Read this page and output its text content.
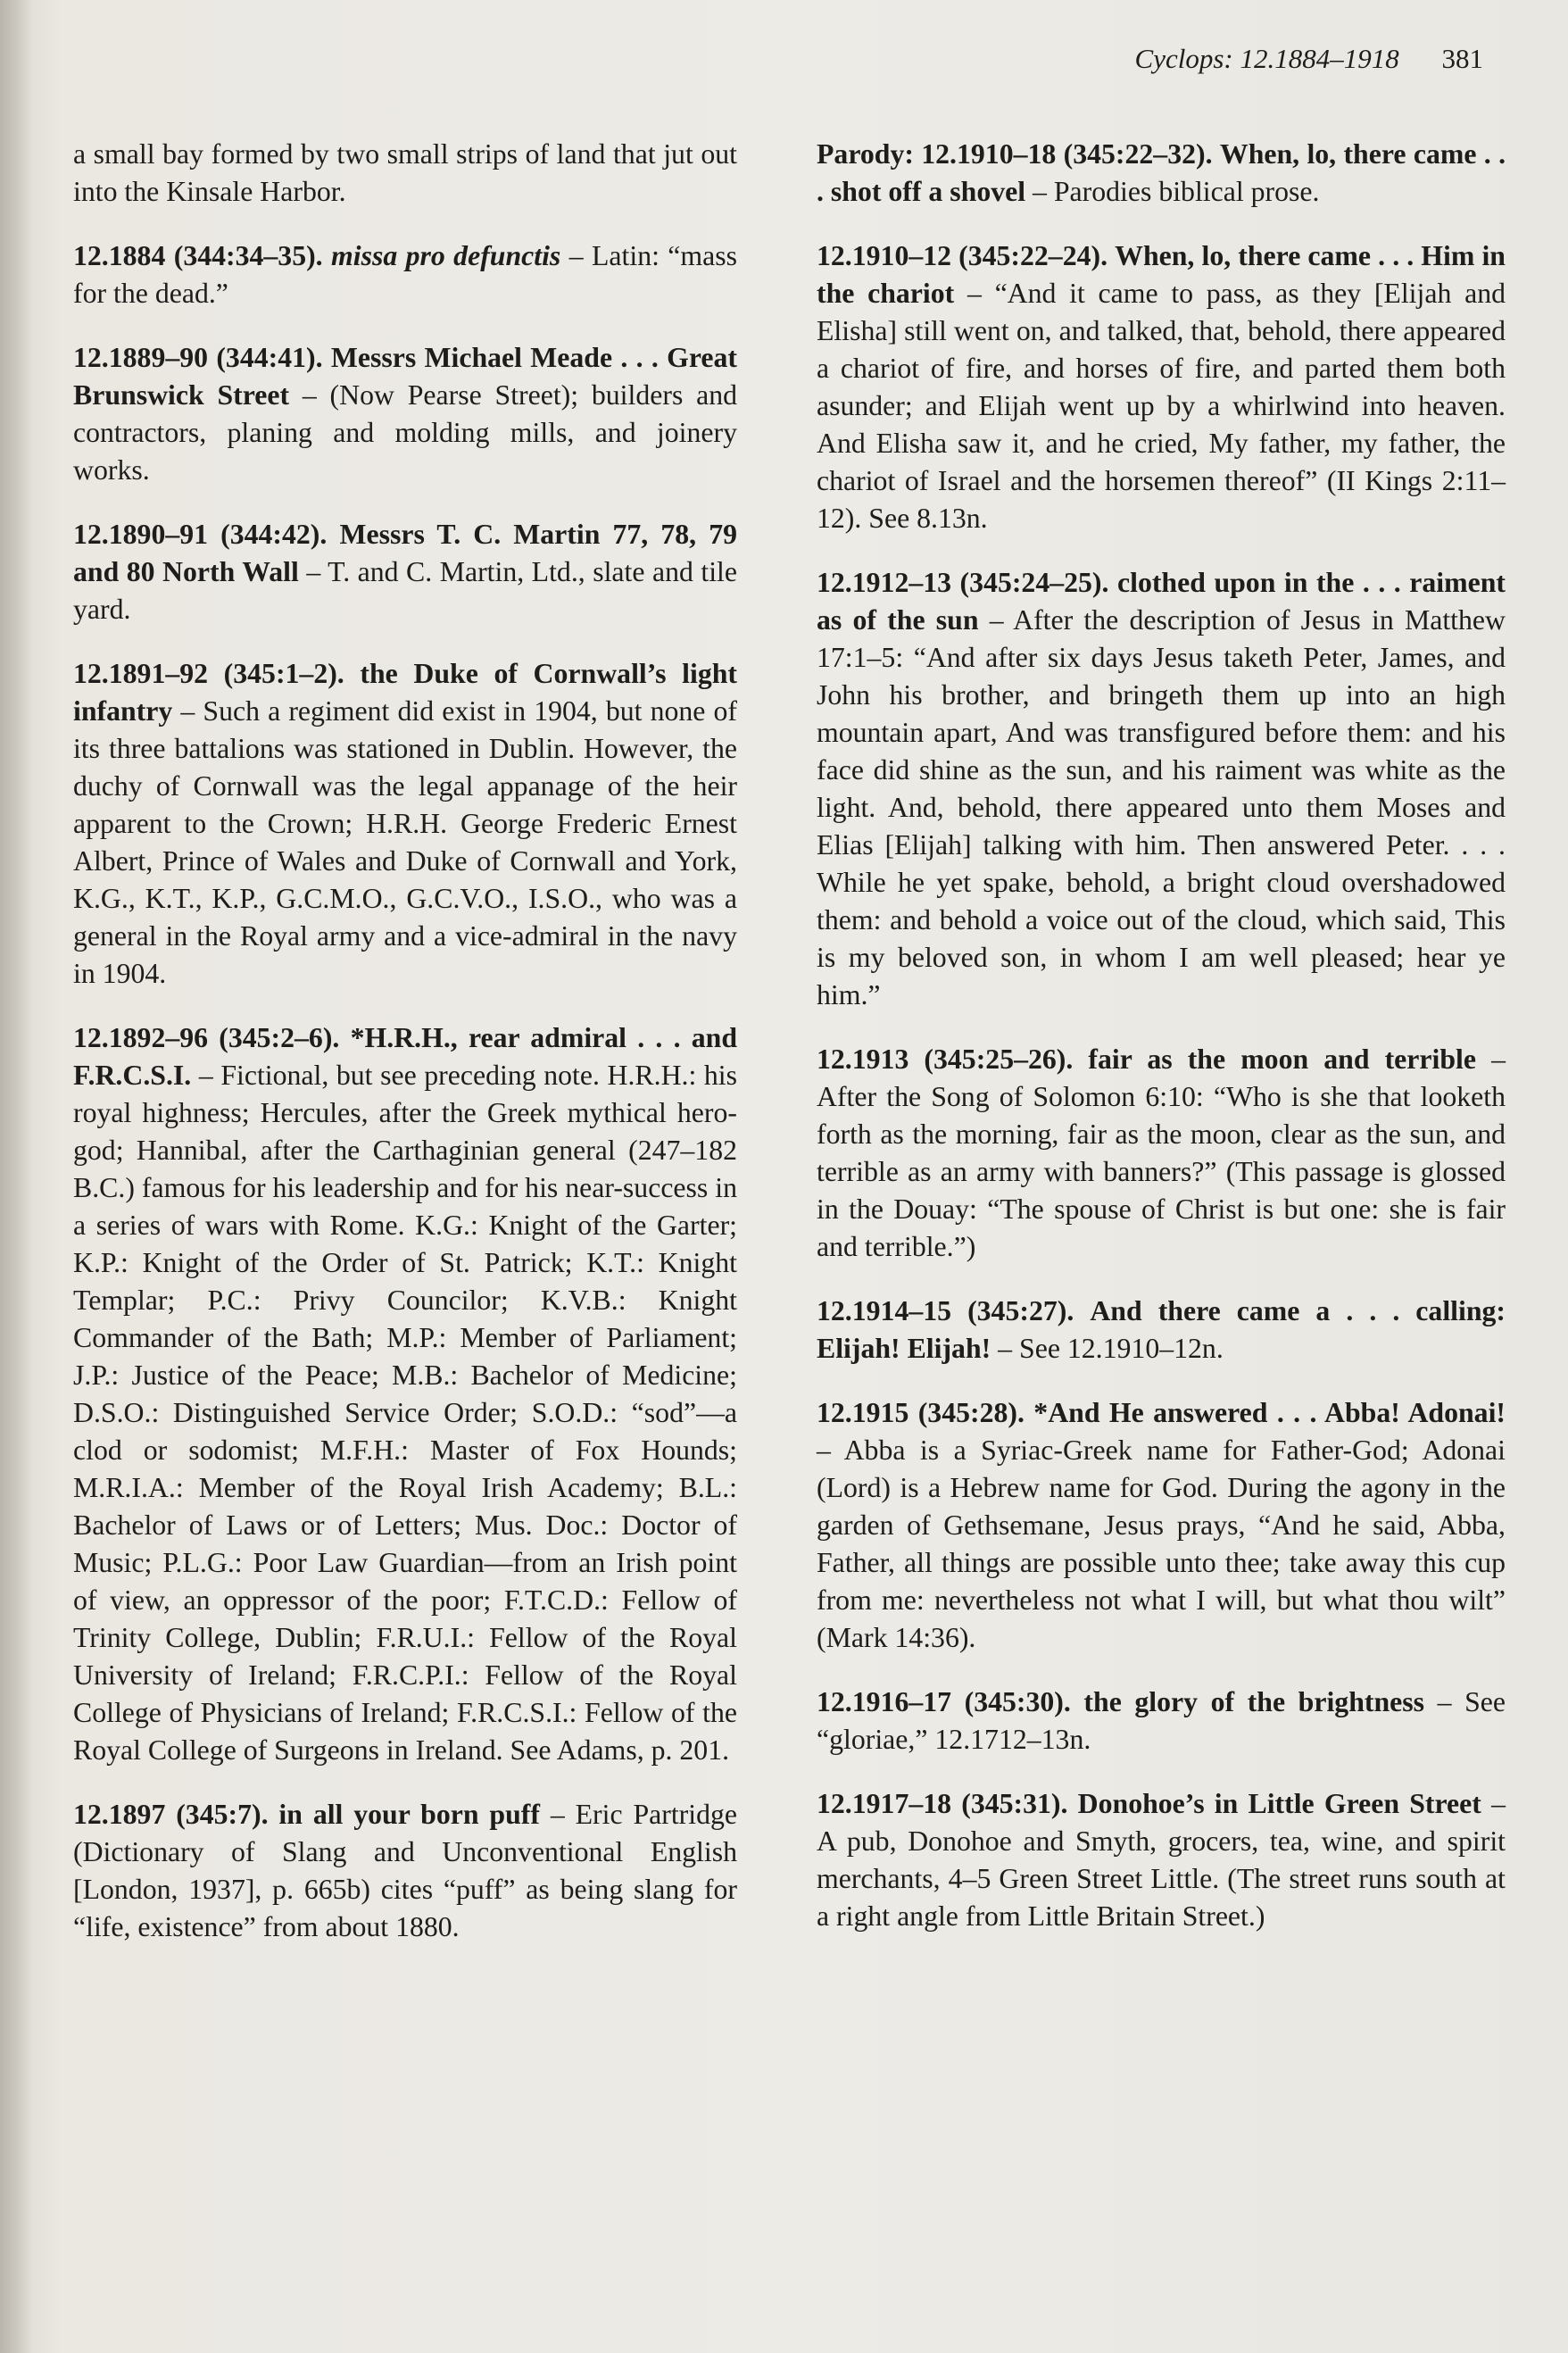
Cyclops: 12.1884–1918 381

a small bay formed by two small strips of land that jut out into the Kinsale Harbor.

12.1884 (344:34–35). missa pro defunctis – Latin: “mass for the dead.”

12.1889–90 (344:41). Messrs Michael Meade . . . Great Brunswick Street – (Now Pearse Street); builders and contractors, planing and molding mills, and joinery works.

12.1890–91 (344:42). Messrs T. C. Martin 77, 78, 79 and 80 North Wall – T. and C. Martin, Ltd., slate and tile yard.

12.1891–92 (345:1–2). the Duke of Cornwall’s light infantry – Such a regiment did exist in 1904, but none of its three battalions was stationed in Dublin. However, the duchy of Cornwall was the legal appanage of the heir apparent to the Crown; H.R.H. George Frederic Ernest Albert, Prince of Wales and Duke of Cornwall and York, K.G., K.T., K.P., G.C.M.O., G.C.V.O., I.S.O., who was a general in the Royal army and a vice-admiral in the navy in 1904.

12.1892–96 (345:2–6). *H.R.H., rear admiral . . . and F.R.C.S.I. – Fictional, but see preceding note. H.R.H.: his royal highness; Hercules, after the Greek mythical hero-god; Hannibal, after the Carthaginian general (247–182 B.C.) famous for his leadership and for his near-success in a series of wars with Rome. K.G.: Knight of the Garter; K.P.: Knight of the Order of St. Patrick; K.T.: Knight Templar; P.C.: Privy Councilor; K.V.B.: Knight Commander of the Bath; M.P.: Member of Parliament; J.P.: Justice of the Peace; M.B.: Bachelor of Medicine; D.S.O.: Distinguished Service Order; S.O.D.: “sod”—a clod or sodomist; M.F.H.: Master of Fox Hounds; M.R.I.A.: Member of the Royal Irish Academy; B.L.: Bachelor of Laws or of Letters; Mus. Doc.: Doctor of Music; P.L.G.: Poor Law Guardian—from an Irish point of view, an oppressor of the poor; F.T.C.D.: Fellow of Trinity College, Dublin; F.R.U.I.: Fellow of the Royal University of Ireland; F.R.C.P.I.: Fellow of the Royal College of Physicians of Ireland; F.R.C.S.I.: Fellow of the Royal College of Surgeons in Ireland. See Adams, p. 201.

12.1897 (345:7). in all your born puff – Eric Partridge (Dictionary of Slang and Unconventional English [London, 1937], p. 665b) cites “puff” as being slang for “life, existence” from about 1880.

Parody: 12.1910–18 (345:22–32). When, lo, there came . . . shot off a shovel – Parodies biblical prose.

12.1910–12 (345:22–24). When, lo, there came . . . Him in the chariot – “And it came to pass, as they [Elijah and Elisha] still went on, and talked, that, behold, there appeared a chariot of fire, and horses of fire, and parted them both asunder; and Elijah went up by a whirlwind into heaven. And Elisha saw it, and he cried, My father, my father, the chariot of Israel and the horsemen thereof” (II Kings 2:11–12). See 8.13n.

12.1912–13 (345:24–25). clothed upon in the . . . raiment as of the sun – After the description of Jesus in Matthew 17:1–5: “And after six days Jesus taketh Peter, James, and John his brother, and bringeth them up into an high mountain apart, And was transfigured before them: and his face did shine as the sun, and his raiment was white as the light. And, behold, there appeared unto them Moses and Elias [Elijah] talking with him. Then answered Peter. . . . While he yet spake, behold, a bright cloud overshadowed them: and behold a voice out of the cloud, which said, This is my beloved son, in whom I am well pleased; hear ye him.”

12.1913 (345:25–26). fair as the moon and terrible – After the Song of Solomon 6:10: “Who is she that looketh forth as the morning, fair as the moon, clear as the sun, and terrible as an army with banners?” (This passage is glossed in the Douay: “The spouse of Christ is but one: she is fair and terrible.”)

12.1914–15 (345:27). And there came a . . . calling: Elijah! Elijah! – See 12.1910–12n.

12.1915 (345:28). *And He answered . . . Abba! Adonai! – Abba is a Syriac-Greek name for Father-God; Adonai (Lord) is a Hebrew name for God. During the agony in the garden of Gethsemane, Jesus prays, “And he said, Abba, Father, all things are possible unto thee; take away this cup from me: nevertheless not what I will, but what thou wilt” (Mark 14:36).

12.1916–17 (345:30). the glory of the brightness – See “gloriae,” 12.1712–13n.

12.1917–18 (345:31). Donohoe’s in Little Green Street – A pub, Donohoe and Smyth, grocers, tea, wine, and spirit merchants, 4–5 Green Street Little. (The street runs south at a right angle from Little Britain Street.)
